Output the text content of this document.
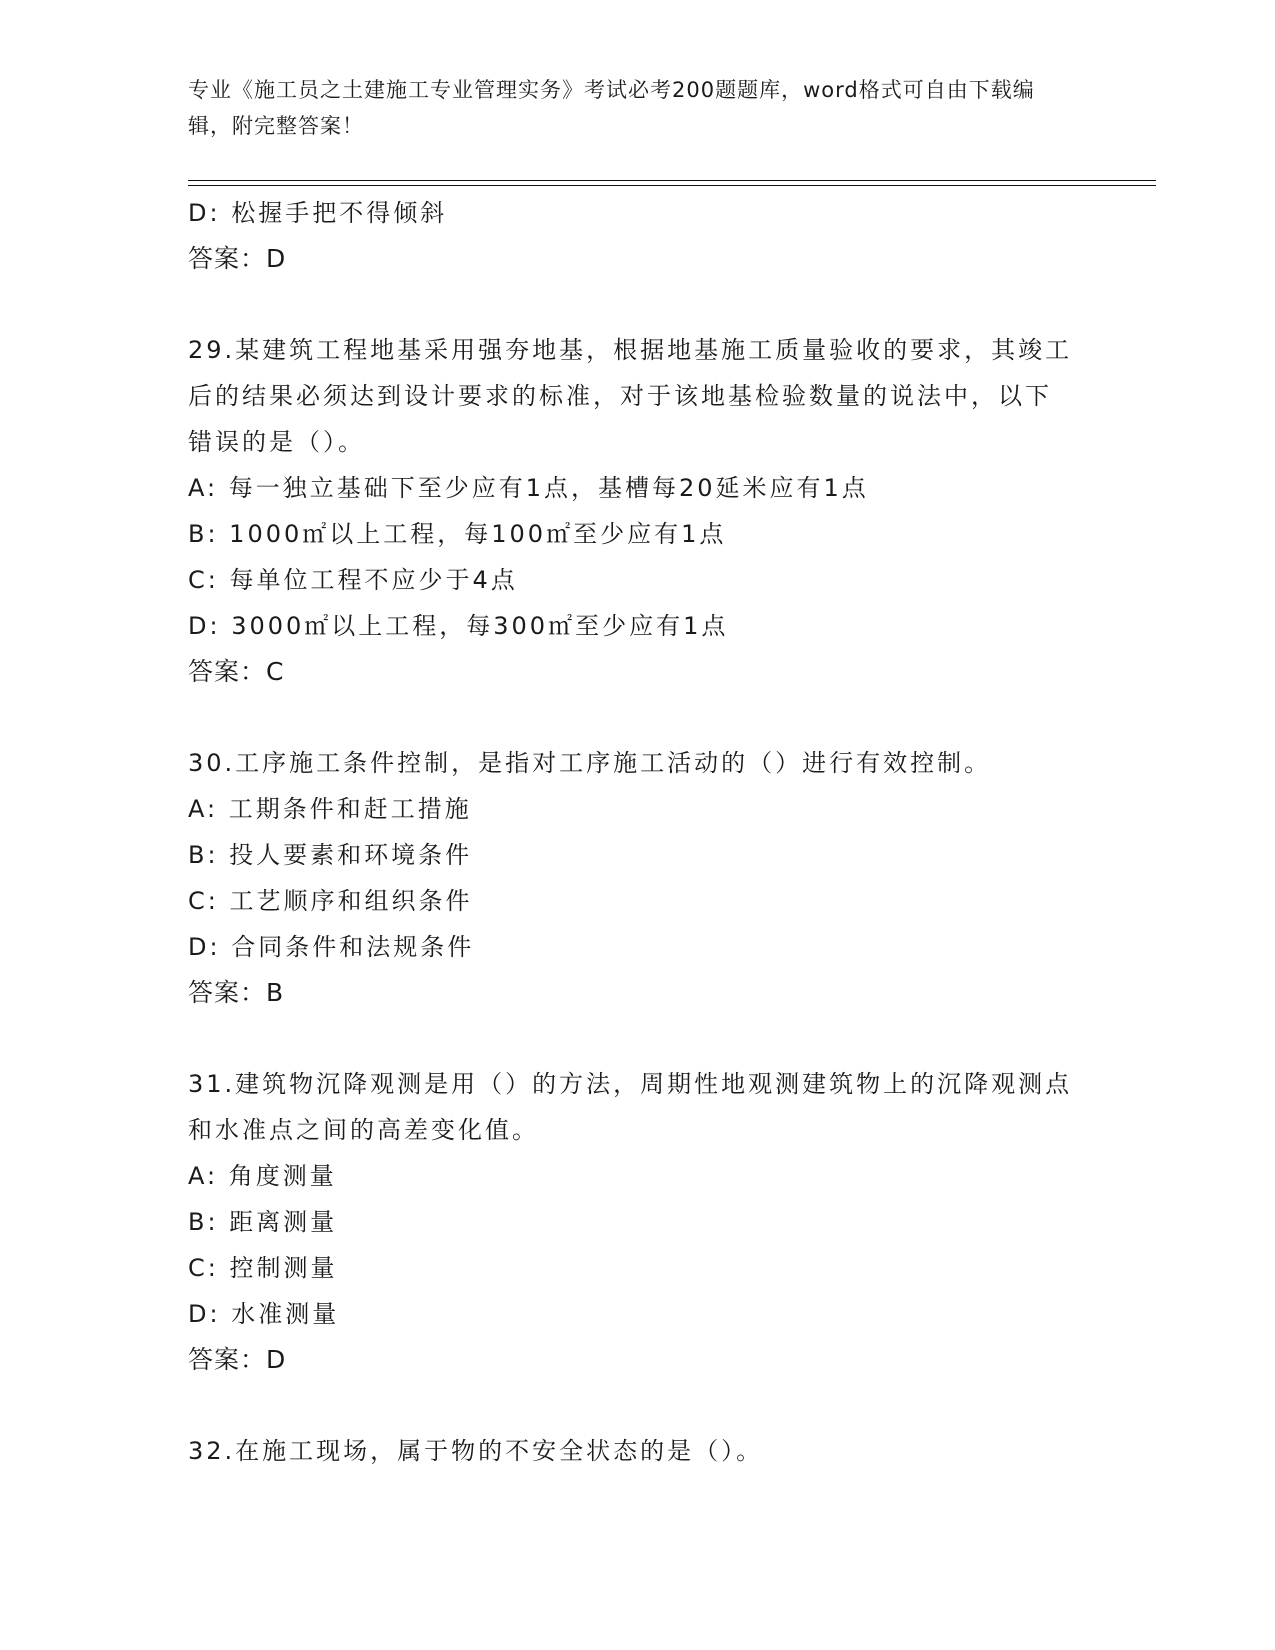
专业《施工员之土建施工专业管理实务》考试必考200题题库，word格式可自由下载编辑，附完整答案！
D: 松握手把不得倾斜
答案：D
29.某建筑工程地基采用强夯地基，根据地基施工质量验收的要求，其竣工后的结果必须达到设计要求的标准，对于该地基检验数量的说法中，以下错误的是（）。
A: 每一独立基础下至少应有1点，基槽每20延米应有1点
B: 1000㎡以上工程，每100㎡至少应有1点
C: 每单位工程不应少于4点
D: 3000㎡以上工程，每300㎡至少应有1点
答案：C
30.工序施工条件控制，是指对工序施工活动的（）进行有效控制。
A: 工期条件和赶工措施
B: 投人要素和环境条件
C: 工艺顺序和组织条件
D: 合同条件和法规条件
答案：B
31.建筑物沉降观测是用（）的方法，周期性地观测建筑物上的沉降观测点和水准点之间的高差变化值。
A: 角度测量
B: 距离测量
C: 控制测量
D: 水准测量
答案：D
32.在施工现场，属于物的不安全状态的是（）。
